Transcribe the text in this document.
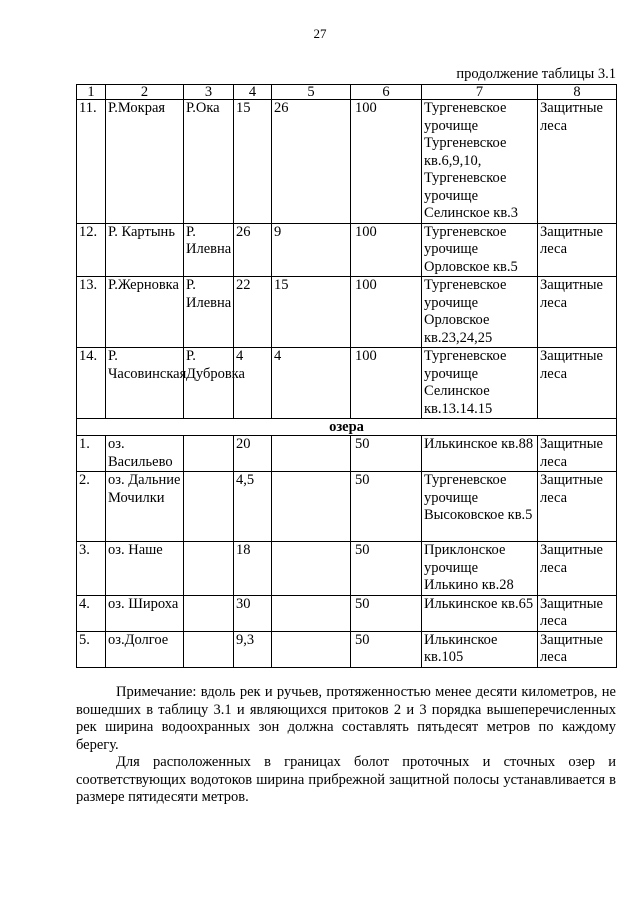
27
продолжение таблицы 3.1
1	2	3	4	5	6	7	8
11.	Р.Мокрая	Р.Ока	15	26	100	Тургеневское урочище Тургеневское кв.6,9,10, Тургеневское урочище Селинское кв.3	Защитные леса
12.	Р. Картынь	Р. Илевна	26	9	100	Тургеневское урочище Орловское кв.5	Защитные леса
13.	Р.Жерновка	Р. Илевна	22	15	100	Тургеневское урочище Орловское кв.23,24,25	Защитные леса
14.	Р. Часовинская	Р. Дубровка	4	4	100	Тургеневское урочище Селинское кв.13.14.15	Защитные леса
озера							
1.	оз. Васильево		20		50	Илькинское кв.88	Защитные леса
2.	оз. Дальние Мочилки		4,5		50	Тургеневское урочище Высоковское кв.5	Защитные леса
3.	оз. Наше		18		50	Приклонское урочище Илькино кв.28	Защитные леса
4.	оз. Широха		30		50	Илькинское кв.65	Защитные леса
5.	оз.Долгое		9,3		50	Илькинское кв.105	Защитные леса

Примечание: вдоль рек и ручьев, протяженностью менее десяти километров, не вошедших в таблицу 3.1 и являющихся притоков 2 и 3 порядка вышеперечисленных рек ширина водоохранных зон должна составлять пятьдесят метров по каждому берегу.

Для расположенных в границах болот проточных и сточных озер и соответствующих водотоков ширина прибрежной защитной полосы устанавливается в размере пятидесяти метров.
